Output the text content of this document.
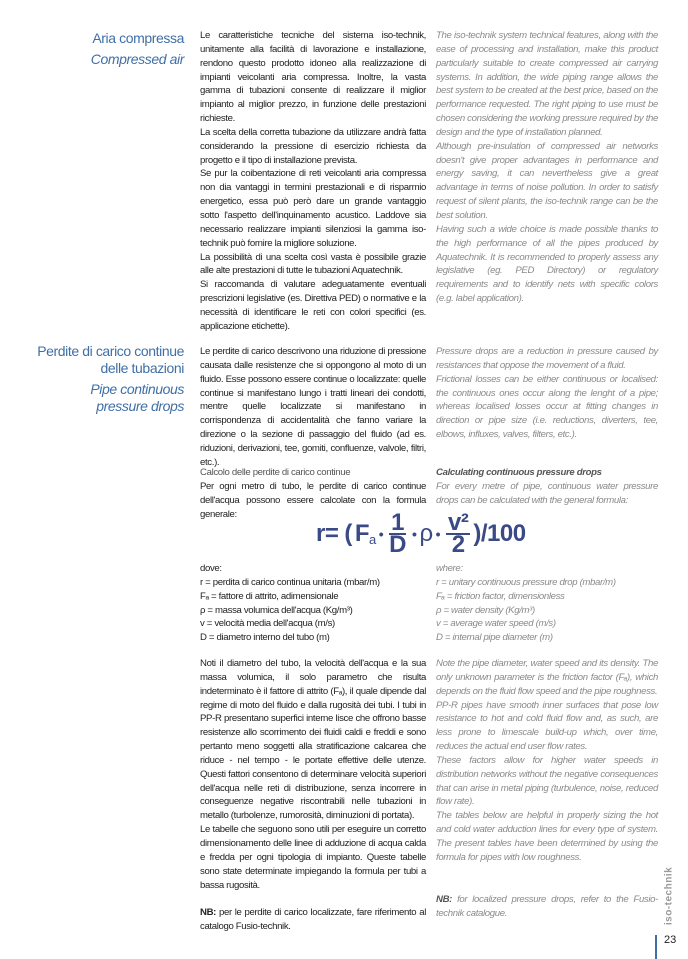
Aria compressa
Compressed air

Le caratteristiche tecniche del sistema iso-technik, unitamente alla facilità di lavorazione e installazione, rendono questo prodotto idoneo alla realizzazione di impianti veicolanti aria compressa. Inoltre, la vasta gamma di tubazioni consente di realizzare il miglior impianto al miglior prezzo, in funzione delle prestazioni richieste.

La scelta della corretta tubazione da utilizzare andrà fatta considerando la pressione di esercizio richiesta da progetto e il tipo di installazione prevista.

Se pur la coibentazione di reti veicolanti aria compressa non dia vantaggi in termini prestazionali e di risparmio energetico, essa può però dare un grande vantaggio sotto l'aspetto dell'inquinamento acustico. Laddove sia necessario realizzare impianti silenziosi la gamma iso-technik può fornire la migliore soluzione.

La possibilità di una scelta così vasta è possibile grazie alle alte prestazioni di tutte le tubazioni Aquatechnik.

Si raccomanda di valutare adeguatamente eventuali prescrizioni legislative (es. Direttiva PED) o normative e la necessità di identificare le reti con colori specifici (es. applicazione etichette).

The iso-technik system technical features, along with the ease of processing and installation, make this product particularly suitable to create compressed air carrying systems. In addition, the wide piping range allows the best system to be created at the best price, based on the performance requested. The right piping to use must be chosen considering the working pressure required by the design and the type of installation planned.

Although pre-insulation of compressed air networks doesn't give proper advantages in performance and energy saving, it can nevertheless give a great advantage in terms of noise pollution. In order to satisfy request of silent plants, the iso-technik range can be the best solution.

Having such a wide choice is made possible thanks to the high performance of all the pipes produced by Aquatechnik. It is recommended to properly assess any legislative (eg. PED Directory) or regulatory requirements and to identify nets with specific colors (e.g. label application).

Perdite di carico continue
delle tubazioni
Pipe continuous
pressure drops

Le perdite di carico descrivono una riduzione di pressione causata dalle resistenze che si oppongono al moto di un fluido. Esse possono essere continue o localizzate: quelle continue si manifestano lungo i tratti lineari dei condotti, mentre quelle localizzate si manifestano in corrispondenza di accidentalità che fanno variare la direzione o la sezione di passaggio del fluido (ad es. riduzioni, derivazioni, tee, gomiti, confluenze, valvole, filtri, etc.).

Pressure drops are a reduction in pressure caused by resistances that oppose the movement of a fluid.

Frictional losses can be either continuous or localised: the continuous ones occur along the lenght of a pipe; whereas localised losses occur at fitting changes in direction or pipe size (i.e. reductions, diverters, tee, elbows, influxes, valves, filters, etc.).

Calcolo delle perdite di carico continue

Per ogni metro di tubo, le perdite di carico continue dell'acqua possono essere calcolate con la formula generale:

Calculating continuous pressure drops

For every metre of pipe, continuous water pressure drops can be calculated with the general formula:

r= ( F a • $\frac{1}{D}$ • ρ • $\frac{\text{v²}}{2} )/100$

dove:

r = perdita di carico continua unitaria (mbar/m)

Fₐ = fattore di attrito, adimensionale

ρ = massa volumica dell'acqua (Kg/m³)

v = velocità media dell'acqua (m/s)

D = diametro interno del tubo (m)

where:

r = unitary continuous pressure drop (mbar/m)

Fₐ = friction factor, dimensionless

ρ = water density (Kg/m³)

v = average water speed (m/s)

D = internal pipe diameter (m)

Noti il diametro del tubo, la velocità dell'acqua e la sua massa volumica, il solo parametro che risulta indeterminato è il fattore di attrito (Fₐ), il quale dipende dal regime di moto del fluido e dalla rugosità dei tubi. I tubi in PP-R presentano superfici interne lisce che offrono basse resistenze allo scorrimento dei fluidi caldi e freddi e sono pertanto meno soggetti alla stratificazione calcarea che riduce - nel tempo - le portate effettive delle utenze. Questi fattori consentono di determinare velocità superiori dell'acqua nelle reti di distribuzione, senza incorrere in conseguenze negative riscontrabili nelle tubazioni in metallo (turbolenze, rumorosità, diminuzioni di portata).

Le tabelle che seguono sono utili per eseguire un corretto dimensionamento delle linee di adduzione di acqua calda e fredda per ogni tipologia di impianto. Queste tabelle sono state determinate impiegando la formula per tubi a bassa rugosità.

NB: per le perdite di carico localizzate, fare riferimento al catalogo Fusio-technik.

Note the pipe diameter, water speed and its density. The only unknown parameter is the friction factor (Fₐ), which depends on the fluid flow speed and the pipe roughness.

PP-R pipes have smooth inner surfaces that pose low resistance to hot and cold fluid flow and, as such, are less prone to limescale build-up which, over time, reduces the actual end user flow rates.

These factors allow for higher water speeds in distribution networks without the negative consequences that can arise in metal piping (turbulence, noise, reduced flow rate).

The tables below are helpful in properly sizing the hot and cold water adduction lines for every type of system. The present tables have been determined by using the formula for pipes with low roughness.

NB: for localized pressure drops, refer to the Fusio-technik catalogue.	iso-technik
23
